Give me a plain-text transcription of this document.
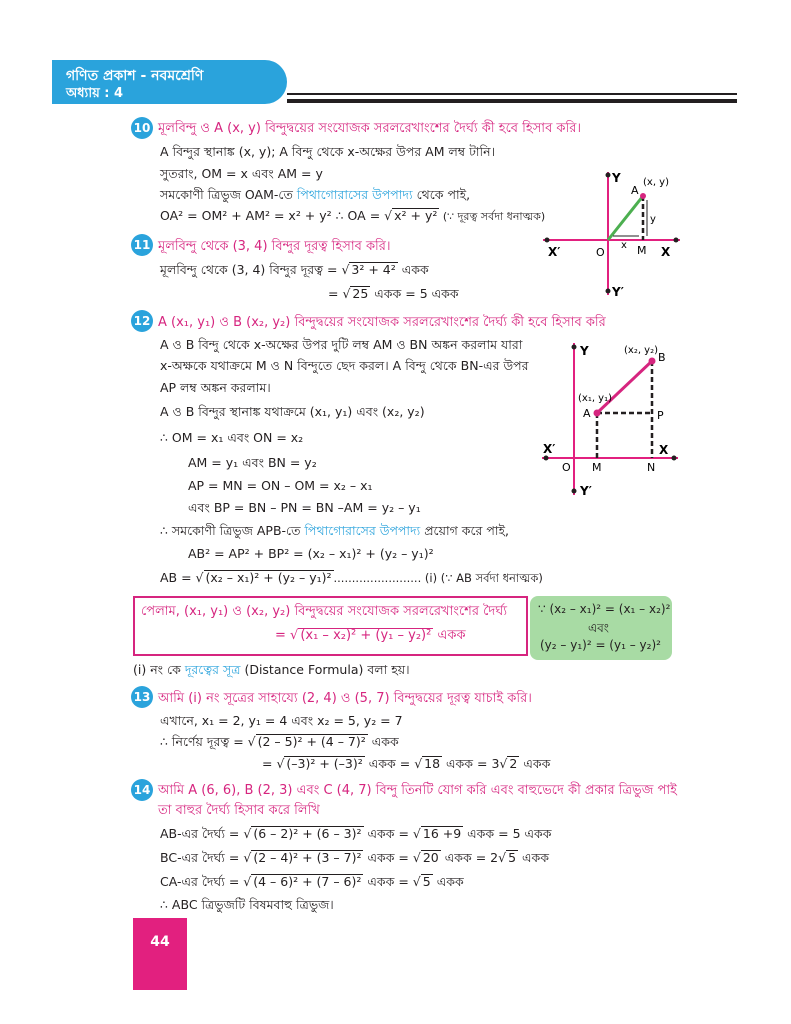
গণিত প্রকাশ - নবমশ্রেণি
অধ্যায় : 4
10 মূলবিন্দু ও A (x, y) বিন্দুদ্বয়ের সংযোজক সরলরেখাংশের দৈর্ঘ্য কী হবে হিসাব করি।
A বিন্দুর স্থানাঙ্ক (x, y); A বিন্দু থেকে x-অক্ষের উপর AM লম্ব টানি।
সুতরাং, OM = x এবং AM = y
সমকোণী ত্রিভুজ OAM-তে পিথাগোরাসের উপপাদ্য থেকে পাই,
OA² = OM² + AM² = x² + y² ∴ OA = √ x² + y² (∵ দূরত্ব সর্বদা ধনাত্মক)
Y
Y′
X′	X
O	M
A
(x, y)
x
y
11 মূলবিন্দু থেকে (3, 4) বিন্দুর দূরত্ব হিসাব করি।
মূলবিন্দু থেকে (3, 4) বিন্দুর দূরত্ব = √ 3² + 4² একক
= √ 25 একক = 5 একক
12 A (x₁, y₁) ও B (x₂, y₂) বিন্দুদ্বয়ের সংযোজক সরলরেখাংশের দৈর্ঘ্য কী হবে হিসাব করি
A ও B বিন্দু থেকে x-অক্ষের উপর দুটি লম্ব AM ও BN অঙ্কন করলাম যারা
x-অক্ষকে যথাক্রমে M ও N বিন্দুতে ছেদ করল। A বিন্দু থেকে BN-এর উপর
AP লম্ব অঙ্কন করলাম।
A ও B বিন্দুর স্থানাঙ্ক যথাক্রমে (x₁, y₁) এবং (x₂, y₂)
∴ OM = x₁ এবং ON = x₂
AM = y₁ এবং BN = y₂
AP = MN = ON – OM = x₂ – x₁
এবং BP = BN – PN = BN –AM = y₂ – y₁
∴ সমকোণী ত্রিভুজ APB-তে পিথাগোরাসের উপপাদ্য প্রয়োগ করে পাই,
AB² = AP² + BP² = (x₂ – x₁)² + (y₂ – y₁)²
AB = √ (x₂ – x₁)² + (y₂ – y₁)² ........................ (i) (∵ AB সর্বদা ধনাত্মক)
Y
Y′
X′	X
O M	N
A
B
P
(x₁, y₁)
(x₂, y₂)
পেলাম, (x₁, y₁) ও (x₂, y₂) বিন্দুদ্বয়ের সংযোজক সরলরেখাংশের দৈর্ঘ্য
= √ (x₁ – x₂)² + (y₁ – y₂)² একক
∵ (x₂ – x₁)² = (x₁ – x₂)²
এবং
(y₂ – y₁)² = (y₁ – y₂)²
(i) নং কে দূরত্বের সূত্র (Distance Formula) বলা হয়।
13 আমি (i) নং সূত্রের সাহায্যে (2, 4) ও (5, 7) বিন্দুদ্বয়ের দূরত্ব যাচাই করি।
এখানে, x₁ = 2, y₁ = 4 এবং x₂ = 5, y₂ = 7
∴ নির্ণেয় দূরত্ব = √ (2 – 5)² + (4 – 7)² একক
= √ (–3)² + (–3)² একক = √ 18 একক = 3√ 2 একক
14 আমি A (6, 6), B (2, 3) এবং C (4, 7) বিন্দু তিনটি যোগ করি এবং বাহুভেদে কী প্রকার ত্রিভুজ পাই
তা বাহুর দৈর্ঘ্য হিসাব করে লিখি
AB-এর দৈর্ঘ্য = √ (6 – 2)² + (6 – 3)² একক = √ 16 +9 একক = 5 একক
BC-এর দৈর্ঘ্য = √ (2 – 4)² + (3 – 7)² একক = √ 20 একক = 2√ 5 একক
CA-এর দৈর্ঘ্য = √ (4 – 6)² + (7 – 6)² একক = √ 5 একক
∴ ABC ত্রিভুজটি বিষমবাহু ত্রিভুজ।
44
